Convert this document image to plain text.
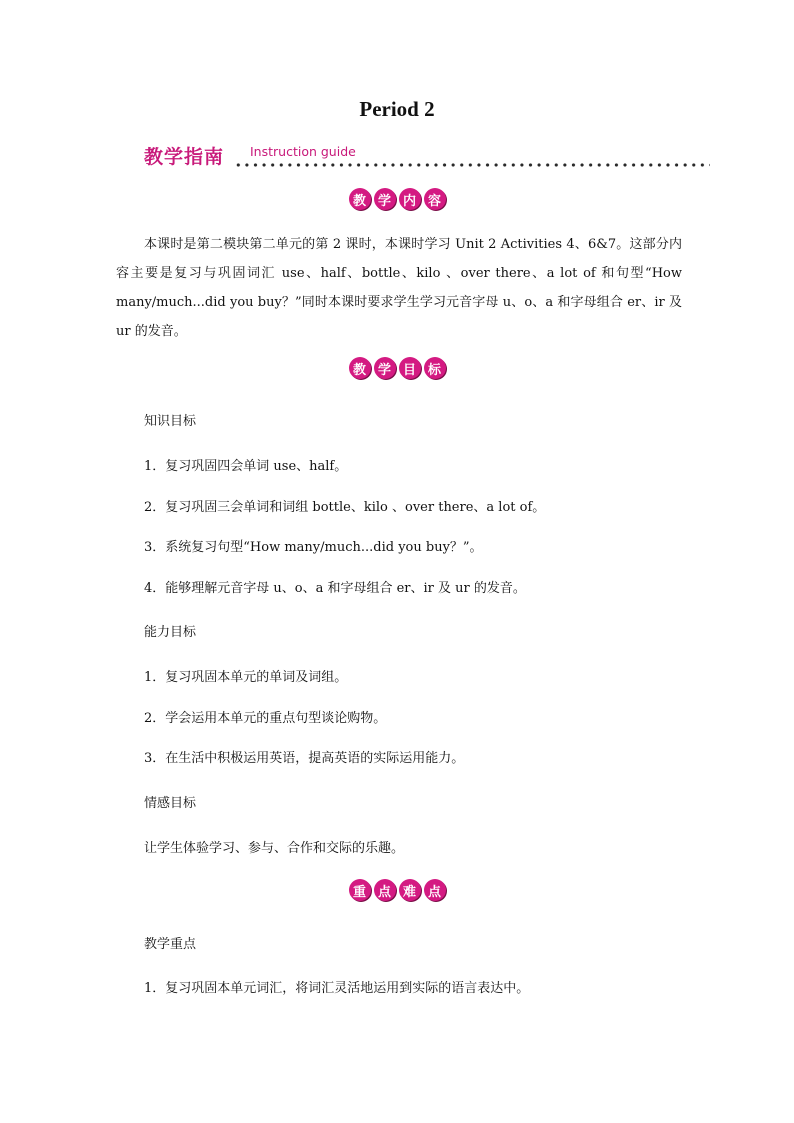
Period 2
教学指南 Instruction guide
教 学 内 容
本课时是第二模块第二单元的第 2 课时，本课时学习 Unit 2 Activities 4、6&7。这部分内容主要是复习与巩固词汇 use、half、bottle、kilo 、over there、a lot of 和句型“How many/much...did you buy？”同时本课时要求学生学习元音字母 u、o、a 和字母组合 er、ir 及 ur 的发音。
教 学 目 标
知识目标
1．复习巩固四会单词 use、half。
2．复习巩固三会单词和词组 bottle、kilo 、over there、a lot of。
3．系统复习句型“How many/much...did you buy？”。
4．能够理解元音字母 u、o、a 和字母组合 er、ir 及 ur 的发音。
能力目标
1．复习巩固本单元的单词及词组。
2．学会运用本单元的重点句型谈论购物。
3．在生活中积极运用英语，提高英语的实际运用能力。
情感目标
让学生体验学习、参与、合作和交际的乐趣。
重 点 难 点
教学重点
1．复习巩固本单元词汇，将词汇灵活地运用到实际的语言表达中。
